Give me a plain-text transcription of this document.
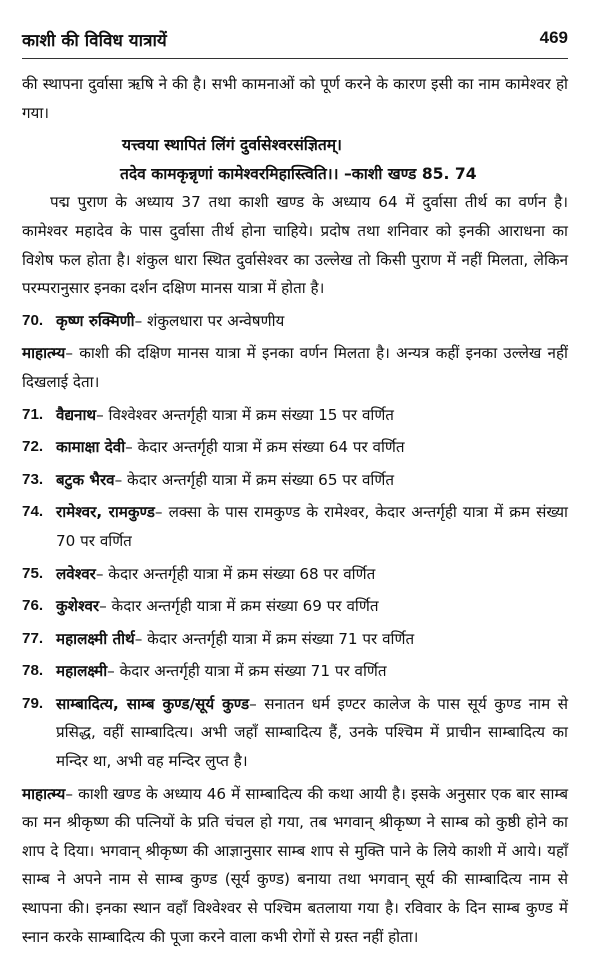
काशी की विविध यात्रायें	469

की स्थापना दुर्वासा ऋषि ने की है। सभी कामनाओं को पूर्ण करने के कारण इसी का नाम कामेश्वर हो गया।

यत्त्वया स्थापितं लिंगं दुर्वासेश्वरसंज्ञितम्।

तदेव कामकृन्नृणां कामेश्वरमिहास्त्विति।। –काशी खण्ड 85. 74

पद्म पुराण के अध्याय 37 तथा काशी खण्ड के अध्याय 64 में दुर्वासा तीर्थ का वर्णन है। कामेश्वर महादेव के पास दुर्वासा तीर्थ होना चाहिये। प्रदोष तथा शनिवार को इनकी आराधना का विशेष फल होता है। शंकुल धारा स्थित दुर्वासेश्वर का उल्लेख तो किसी पुराण में नहीं मिलता, लेकिन परम्परानुसार इनका दर्शन दक्षिण मानस यात्रा में होता है।

70. कृष्ण रुक्मिणी– शंकुलधारा पर अन्वेषणीय

माहात्म्य– काशी की दक्षिण मानस यात्रा में इनका वर्णन मिलता है। अन्यत्र कहीं इनका उल्लेख नहीं दिखलाई देता।

71. वैद्यनाथ– विश्वेश्वर अन्तर्गृही यात्रा में क्रम संख्या 15 पर वर्णित
72. कामाक्षा देवी– केदार अन्तर्गृही यात्रा में क्रम संख्या 64 पर वर्णित
73. बटुक भैरव– केदार अन्तर्गृही यात्रा में क्रम संख्या 65 पर वर्णित
74. रामेश्वर, रामकुण्ड– लक्सा के पास रामकुण्ड के रामेश्वर, केदार अन्तर्गृही यात्रा में क्रम संख्या 70 पर वर्णित
75. लवेश्वर– केदार अन्तर्गृही यात्रा में क्रम संख्या 68 पर वर्णित
76. कुशेश्वर– केदार अन्तर्गृही यात्रा में क्रम संख्या 69 पर वर्णित
77. महालक्ष्मी तीर्थ– केदार अन्तर्गृही यात्रा में क्रम संख्या 71 पर वर्णित
78. महालक्ष्मी– केदार अन्तर्गृही यात्रा में क्रम संख्या 71 पर वर्णित
79. साम्बादित्य, साम्ब कुण्ड/सूर्य कुण्ड– सनातन धर्म इण्टर कालेज के पास सूर्य कुण्ड नाम से प्रसिद्ध, वहीं साम्बादित्य। अभी जहाँ साम्बादित्य हैं, उनके पश्चिम में प्राचीन साम्बादित्य का मन्दिर था, अभी वह मन्दिर लुप्त है।

माहात्म्य– काशी खण्ड के अध्याय 46 में साम्बादित्य की कथा आयी है। इसके अनुसार एक बार साम्ब का मन श्रीकृष्ण की पत्नियों के प्रति चंचल हो गया, तब भगवान् श्रीकृष्ण ने साम्ब को कुष्ठी होने का शाप दे दिया। भगवान् श्रीकृष्ण की आज्ञानुसार साम्ब शाप से मुक्ति पाने के लिये काशी में आये। यहाँ साम्ब ने अपने नाम से साम्ब कुण्ड (सूर्य कुण्ड) बनाया तथा भगवान् सूर्य की साम्बादित्य नाम से स्थापना की। इनका स्थान वहाँ विश्वेश्वर से पश्चिम बतलाया गया है। रविवार के दिन साम्ब कुण्ड में स्नान करके साम्बादित्य की पूजा करने वाला कभी रोगों से ग्रस्त नहीं होता।
